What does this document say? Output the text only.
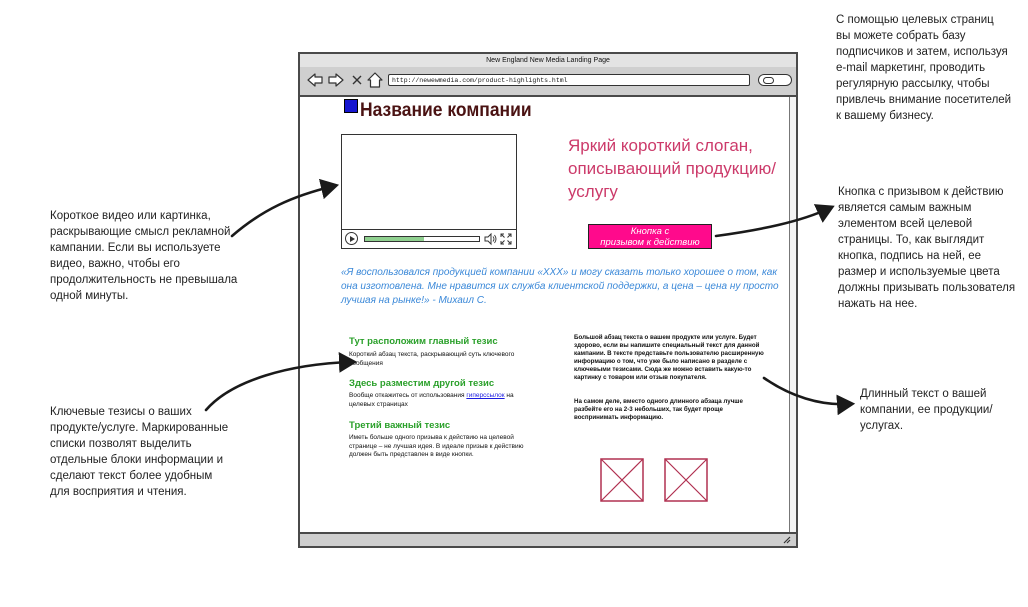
С помощью целевых страниц
вы можете собрать базу
подписчиков и затем, используя
e-mail маркетинг, проводить
регулярную рассылку, чтобы
привлечь внимание посетителей
к вашему бизнесу.
Кнопка с призывом к действию
является самым важным
элементом всей целевой
страницы. То, как выглядит
кнопка, подпись на ней, ее
размер и используемые цвета
должны призывать пользователя
нажать на нее.
Короткое видео или картинка,
раскрывающие смысл рекламной
кампании. Если вы используете
видео, важно, чтобы его
продолжительность не превышала
одной минуты.
Ключевые тезисы о ваших
продукте/услуге. Маркированные
списки позволят выделить
отдельные блоки информации и
сделают текст более удобным
для восприятия и чтения.
Длинный текст о вашей
компании, ее продукции/
услугах.
New England New Media Landing Page
http://newewmedia.com/product-highlights.html
Название компании
Яркий короткий слоган, описывающий продукцию/услугу
Кнопка с
призывом к действию
«Я воспользовался продукцией компании «XXX» и могу сказать только хорошее о том, как она изготовлена. Мне нравится их служба клиентской поддержки, а цена – цена ну просто лучшая на рынке!» - Михаил С.
Тут расположим главный тезис
Короткий абзац текста, раскрывающий суть ключевого сообщения
Здесь разместим другой тезис
Вообще откажитесь от использования гиперссылок на целевых страницах
Третий важный тезис
Иметь больше одного призыва к действию на целевой странице – не лучшая идея. В идеале призыв к действию должен быть представлен в виде кнопки.
Большой абзац текста о вашем продукте или услуге. Будет здорово, если вы напишите специальный текст для данной кампании. В тексте представьте пользователю расширенную информацию о том, что уже было написано в разделе с ключевыми тезисами. Сюда же можно вставить какую-то картинку с товаром или отзыв покупателя.
На самом деле, вместо одного длинного абзаца лучше разбейте его на 2-3 небольших, так будет проще воспринимать информацию.
